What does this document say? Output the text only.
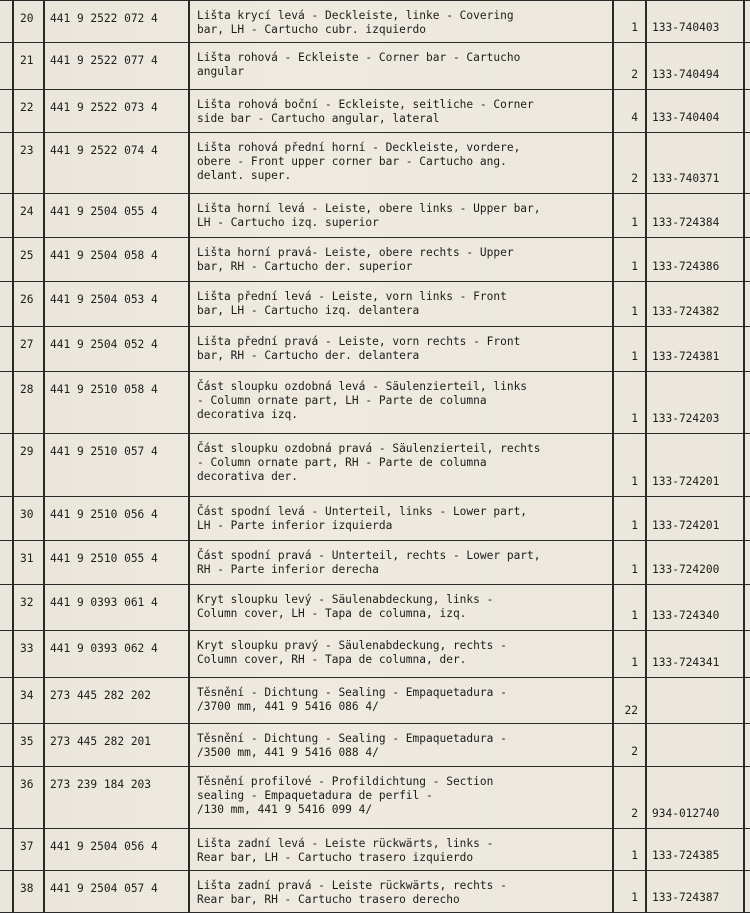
20 441 9 2522 072 4	Lišta krycí levá - Deckleiste, linke - Covering
bar, LH - Cartucho cubr. izquierdo	1 133-740403
21 441 9 2522 077 4	Lišta rohová - Eckleiste - Corner bar - Cartucho
angular	2 133-740494
22 441 9 2522 073 4	Lišta rohová boční - Eckleiste, seitliche - Corner
side bar - Cartucho angular, lateral	4 133-740404
23 441 9 2522 074 4	Lišta rohová přední horní - Deckleiste, vordere,
obere - Front upper corner bar - Cartucho ang.
delant. super.	2 133-740371
24 441 9 2504 055 4	Lišta horní levá - Leiste, obere links - Upper bar,
LH - Cartucho izq. superior	1 133-724384
25 441 9 2504 058 4	Lišta horní pravá- Leiste, obere rechts - Upper
bar, RH - Cartucho der. superior	1 133-724386
26 441 9 2504 053 4	Lišta přední levá - Leiste, vorn links - Front
bar, LH - Cartucho izq. delantera	1 133-724382
27 441 9 2504 052 4	Lišta přední pravá - Leiste, vorn rechts - Front
bar, RH - Cartucho der. delantera	1 133-724381
28 441 9 2510 058 4	Část sloupku ozdobná levá - Säulenzierteil, links
- Column ornate part, LH - Parte de columna
decorativa izq.	1 133-724203
29 441 9 2510 057 4	Část sloupku ozdobná pravá - Säulenzierteil, rechts
- Column ornate part, RH - Parte de columna
decorativa der.	1 133-724201
30 441 9 2510 056 4	Část spodní levá - Unterteil, links - Lower part,
LH - Parte inferior izquierda	1 133-724201
31 441 9 2510 055 4	Část spodní pravá - Unterteil, rechts - Lower part,
RH - Parte inferior derecha	1 133-724200
32 441 9 0393 061 4	Kryt sloupku levý - Säulenabdeckung, links -
Column cover, LH - Tapa de columna, izq.	1 133-724340
33 441 9 0393 062 4	Kryt sloupku pravý - Säulenabdeckung, rechts -
Column cover, RH - Tapa de columna, der.	1 133-724341
34 273 445 282 202	Těsnění - Dichtung - Sealing - Empaquetadura -
/3700 mm, 441 9 5416 086 4/	22
35 273 445 282 201	Těsnění - Dichtung - Sealing - Empaquetadura -
/3500 mm, 441 9 5416 088 4/	2
36 273 239 184 203	Těsnění profilové - Profildichtung - Section
sealing - Empaquetadura de perfil -
/130 mm, 441 9 5416 099 4/	2 934-012740
37 441 9 2504 056 4	Lišta zadní levá - Leiste rückwärts, links -
Rear bar, LH - Cartucho trasero izquierdo	1 133-724385
38 441 9 2504 057 4	Lišta zadní pravá - Leiste rückwärts, rechts -
Rear bar, RH - Cartucho trasero derecho	1 133-724387
